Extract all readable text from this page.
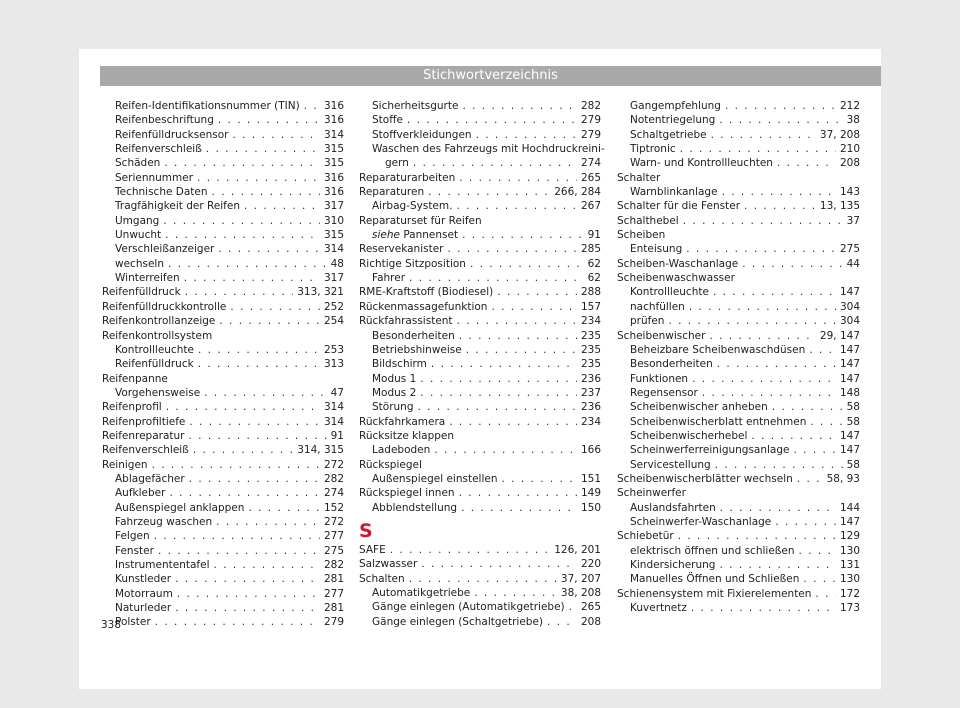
Stichwortverzeichnis
Reifen-Identifikationsnummer (TIN) . . . 316
Reifenbeschriftung . . .	316
Reifenfülldrucksensor . . .	314
Reifenverschleiß . . .	315
Schäden . . .	315
Seriennummer . . .	316
Technische Daten . . .	316
Tragfähigkeit der Reifen . . .	317
Umgang . . .	310
Unwucht . . .	315
Verschleißanzeiger . . .	314
wechseln . . .	48
Winterreifen . . .	317
Reifenfülldruck . . .	313, 321
Reifenfülldruckkontrolle . . .	252
Reifenkontrollanzeige . . .	254
Reifenkontrollsystem
Kontrollleuchte . . .	253
Reifenfülldruck . . .	313
Reifenpanne
Vorgehensweise . . .	47
Reifenprofil . . .	314
Reifenprofiltiefe . . .	314
Reifenreparatur . . .	91
Reifenverschleiß . . .	314, 315
Reinigen . . .	272
Ablagefächer . . .	282
Aufkleber . . .	274
Außenspiegel anklappen . . .	152
Fahrzeug waschen . . .	272
Felgen . . .	277
Fenster . . .	275
Instrumententafel . . .	282
Kunstleder . . .	281
Motorraum . . .	277
Naturleder . . .	281
Polster . . .	279
Sicherheitsgurte . . .	282
Stoffe . . .	279
Stoffverkleidungen . . .	279
Waschen des Fahrzeugs mit Hochdruckreini-
gern . . .	274
Reparaturarbeiten . . .	265
Reparaturen . . .	266, 284
Airbag-System. . . .	267
Reparaturset für Reifen
siehe Pannenset . . .	91
Reservekanister . . .	285
Richtige Sitzposition . . .	62
Fahrer . . .	62
RME-Kraftstoff (Biodiesel) . . .	288
Rückenmassagefunktion . . .	157
Rückfahrassistent . . .	234
Besonderheiten . . .	235
Betriebshinweise . . .	235
Bildschirm . . .	235
Modus 1 . . .	236
Modus 2 . . .	237
Störung . . .	236
Rückfahrkamera . . .	234
Rücksitze klappen
Ladeboden . . .	166
Rückspiegel
Außenspiegel einstellen . . .	151
Rückspiegel innen . . .	149
Abblendstellung . . .	150
S
SAFE . . .	126, 201
Salzwasser . . .	220
Schalten . . .	37, 207
Automatikgetriebe . . .	38, 208
Gänge einlegen (Automatikgetriebe) . . . 265
Gänge einlegen (Schaltgetriebe) . . .	208
Gangempfehlung . . .	212
Notentriegelung . . .	38
Schaltgetriebe . . .	37, 208
Tiptronic . . .	210
Warn- und Kontrollleuchten . . .	208
Schalter
Warnblinkanlage . . .	143
Schalter für die Fenster . . .	13, 135
Schalthebel . . .	37
Scheiben
Enteisung . . .	275
Scheiben-Waschanlage . . .	44
Scheibenwaschwasser
Kontrollleuchte . . .	147
nachfüllen . . .	304
prüfen . . .	304
Scheibenwischer . . .	29, 147
Beheizbare Scheibenwaschdüsen . . .	147
Besonderheiten . . .	147
Funktionen . . .	147
Regensensor . . .	148
Scheibenwischer anheben . . .	58
Scheibenwischerblatt entnehmen . . .	58
Scheibenwischerhebel . . .	147
Scheinwerferreinigungsanlage . . .	147
Servicestellung . . .	58
Scheibenwischerblätter wechseln . . .	58, 93
Scheinwerfer
Auslandsfahrten . . .	144
Scheinwerfer-Waschanlage . . .	147
Schiebetür . . .	129
elektrisch öffnen und schließen . . .	130
Kindersicherung . . .	131
Manuelles Öffnen und Schließen . . .	130
Schienensystem mit Fixierelementen . . .	172
Kuvertnetz . . .	173
338
